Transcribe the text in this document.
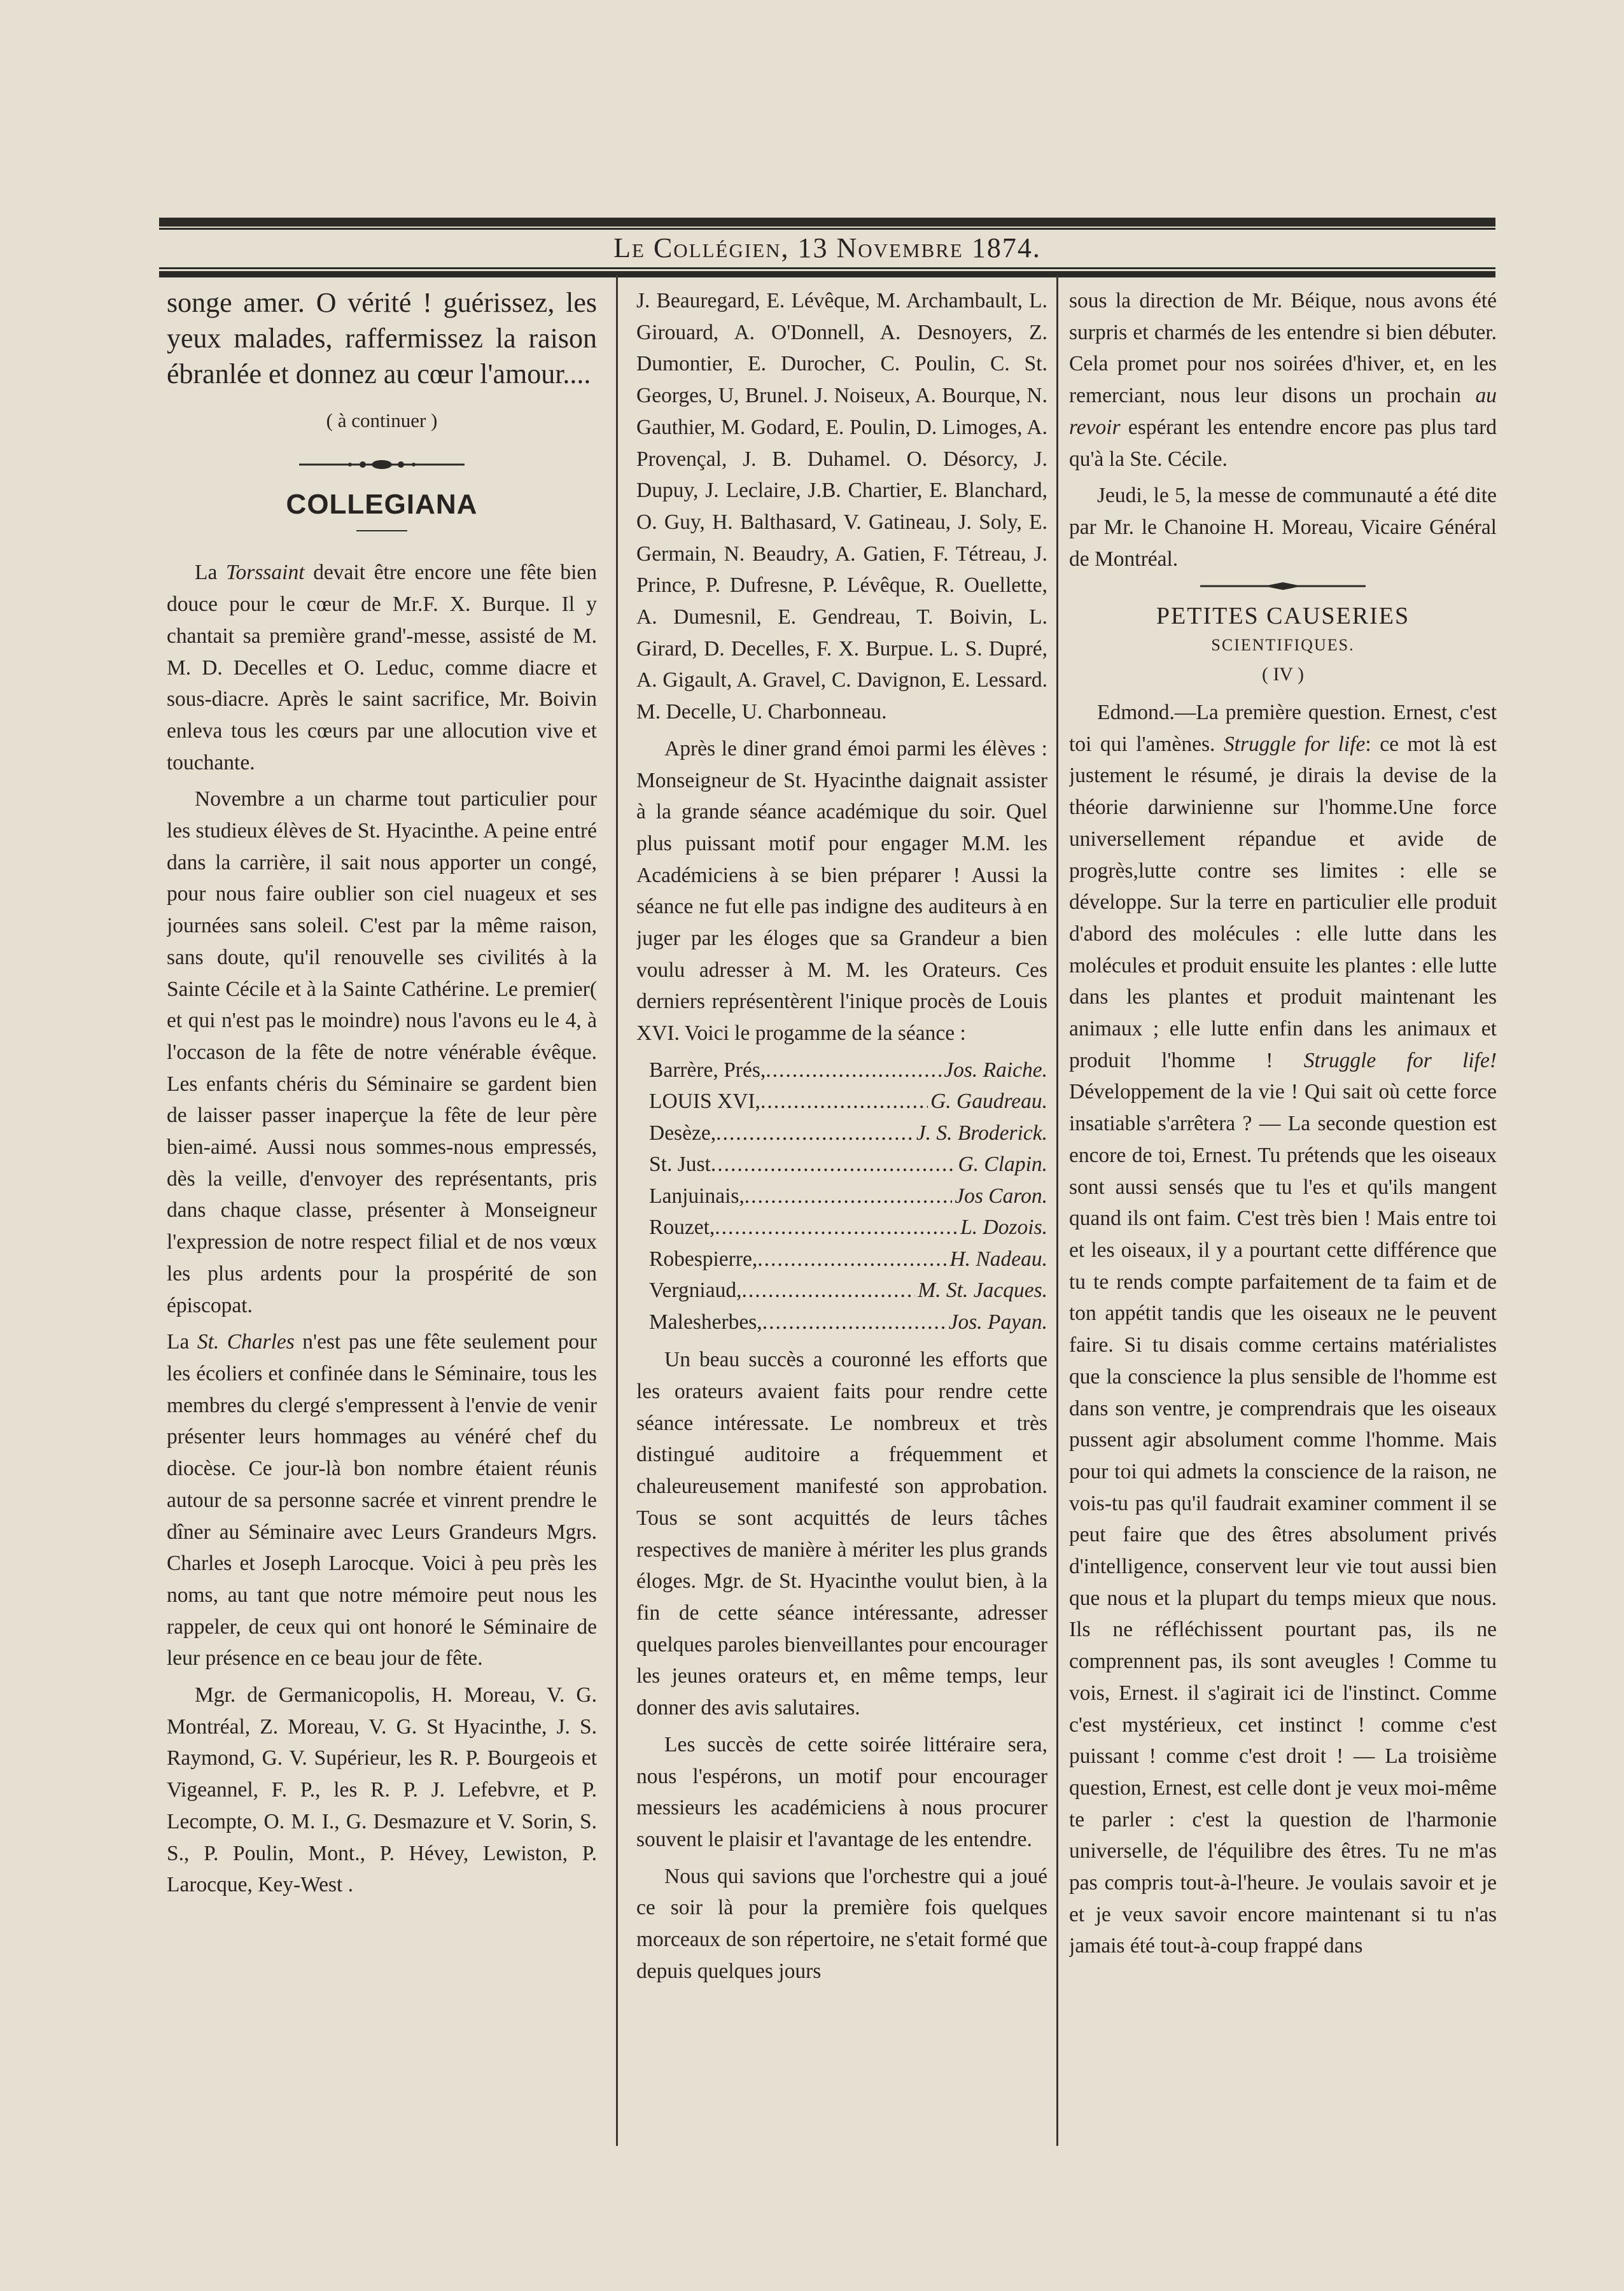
Le Collégien, 13 Novembre 1874.

songe amer. O vérité ! guérissez, les yeux malades, raffermissez la raison ébranlée et donnez au cœur l'amour....

( à continuer )

COLLEGIANA

La Torssaint devait être encore une fête bien douce pour le cœur de Mr.F. X. Burque. Il y chantait sa première grand'-messe, assisté de M. M. D. Decelles et O. Leduc, comme diacre et sous-diacre. Après le saint sacrifice, Mr. Boivin enleva tous les cœurs par une allocution vive et touchante.

Novembre a un charme tout particulier pour les studieux élèves de St. Hyacinthe. A peine entré dans la carrière, il sait nous apporter un congé, pour nous faire oublier son ciel nuageux et ses journées sans soleil. C'est par la même raison, sans doute, qu'il renouvelle ses civilités à la Sainte Cécile et à la Sainte Cathérine. Le premier( et qui n'est pas le moindre) nous l'avons eu le 4, à l'occason de la fête de notre vénérable évêque. Les enfants chéris du Séminaire se gardent bien de laisser passer inaperçue la fête de leur père bien-aimé. Aussi nous sommes-nous empressés, dès la veille, d'envoyer des représentants, pris dans chaque classe, présenter à Monseigneur l'expression de notre respect filial et de nos vœux les plus ardents pour la prospérité de son épiscopat.

La St. Charles n'est pas une fête seulement pour les écoliers et confinée dans le Séminaire, tous les membres du clergé s'empressent à l'envie de venir présenter leurs hommages au vénéré chef du diocèse. Ce jour-là bon nombre étaient réunis autour de sa personne sacrée et vinrent prendre le dîner au Séminaire avec Leurs Grandeurs Mgrs. Charles et Joseph Larocque. Voici à peu près les noms, au tant que notre mémoire peut nous les rappeler, de ceux qui ont honoré le Séminaire de leur présence en ce beau jour de fête.

Mgr. de Germanicopolis, H. Moreau, V. G. Montréal, Z. Moreau, V. G. St Hyacinthe, J. S. Raymond, G. V. Supérieur, les R. P. Bourgeois et Vigeannel, F. P., les R. P. J. Lefebvre, et P. Lecompte, O. M. I., G. Desmazure et V. Sorin, S. S., P. Poulin, Mont., P. Hévey, Lewiston, P. Larocque, Key-West .

J. Beauregard, E. Lévêque, M. Archambault, L. Girouard, A. O'Donnell, A. Desnoyers, Z. Dumontier, E. Durocher, C. Poulin, C. St. Georges, U, Brunel. J. Noiseux, A. Bourque, N. Gauthier, M. Godard, E. Poulin, D. Limoges, A. Provençal, J. B. Duhamel. O. Désorcy, J. Dupuy, J. Leclaire, J.B. Chartier, E. Blanchard, O. Guy, H. Balthasard, V. Gatineau, J. Soly, E. Germain, N. Beaudry, A. Gatien, F. Tétreau, J. Prince, P. Dufresne, P. Lévêque, R. Ouellette, A. Dumesnil, E. Gendreau, T. Boivin, L. Girard, D. Decelles, F. X. Burpue. L. S. Dupré, A. Gigault, A. Gravel, C. Davignon, E. Lessard. M. Decelle, U. Charbonneau.

Après le diner grand émoi parmi les élèves : Monseigneur de St. Hyacinthe daignait assister à la grande séance académique du soir. Quel plus puissant motif pour engager M.M. les Académiciens à se bien préparer ! Aussi la séance ne fut elle pas indigne des auditeurs à en juger par les éloges que sa Grandeur a bien voulu adresser à M. M. les Orateurs. Ces derniers représentèrent l'inique procès de Louis XVI. Voici le progamme de la séance :

Barrère, Prés, .....	Jos. Raiche.
LOUIS XVI, .....	G. Gaudreau.
Desèze, .....	J. S. Broderick.
St. Just .....	G. Clapin.
Lanjuinais, .....	Jos Caron.
Rouzet, .....	L. Dozois.
Robespierre, .....	H. Nadeau.
Vergniaud, .....	M. St. Jacques.
Malesherbes, .....	Jos. Payan.

Un beau succès a couronné les efforts que les orateurs avaient faits pour rendre cette séance intéressate. Le nombreux et très distingué auditoire a fréquemment et chaleureusement manifesté son approbation. Tous se sont acquittés de leurs tâches respectives de manière à mériter les plus grands éloges. Mgr. de St. Hyacinthe voulut bien, à la fin de cette séance intéressante, adresser quelques paroles bienveillantes pour encourager les jeunes orateurs et, en même temps, leur donner des avis salutaires.

Les succès de cette soirée littéraire sera, nous l'espérons, un motif pour encourager messieurs les académiciens à nous procurer souvent le plaisir et l'avantage de les entendre.

Nous qui savions que l'orchestre qui a joué ce soir là pour la première fois quelques morceaux de son répertoire, ne s'etait formé que depuis quelques jours

sous la direction de Mr. Béique, nous avons été surpris et charmés de les entendre si bien débuter. Cela promet pour nos soirées d'hiver, et, en les remerciant, nous leur disons un prochain au revoir espérant les entendre encore pas plus tard qu'à la Ste. Cécile.

Jeudi, le 5, la messe de communauté a été dite par Mr. le Chanoine H. Moreau, Vicaire Général de Montréal.

PETITES CAUSERIES
SCIENTIFIQUES.
( IV )

Edmond.—La première question. Ernest, c'est toi qui l'amènes. Struggle for life: ce mot là est justement le résumé, je dirais la devise de la théorie darwinienne sur l'homme.Une force universellement répandue et avide de progrès,lutte contre ses limites : elle se développe. Sur la terre en particulier elle produit d'abord des molécules : elle lutte dans les molécules et produit ensuite les plantes : elle lutte dans les plantes et produit maintenant les animaux ; elle lutte enfin dans les animaux et produit l'homme ! Struggle for life! Développement de la vie ! Qui sait où cette force insatiable s'arrêtera ? — La seconde question est encore de toi, Ernest. Tu prétends que les oiseaux sont aussi sensés que tu l'es et qu'ils mangent quand ils ont faim. C'est très bien ! Mais entre toi et les oiseaux, il y a pourtant cette différence que tu te rends compte parfaitement de ta faim et de ton appétit tandis que les oiseaux ne le peuvent faire. Si tu disais comme certains matérialistes que la conscience la plus sensible de l'homme est dans son ventre, je comprendrais que les oiseaux pussent agir absolument comme l'homme. Mais pour toi qui admets la conscience de la raison, ne vois-tu pas qu'il faudrait examiner comment il se peut faire que des êtres absolument privés d'intelligence, conservent leur vie tout aussi bien que nous et la plupart du temps mieux que nous. Ils ne réfléchissent pourtant pas, ils ne comprennent pas, ils sont aveugles ! Comme tu vois, Ernest. il s'agirait ici de l'instinct. Comme c'est mystérieux, cet instinct ! comme c'est puissant ! comme c'est droit ! — La troisième question, Ernest, est celle dont je veux moi-même te parler : c'est la question de l'harmonie universelle, de l'équilibre des êtres. Tu ne m'as pas compris tout-à-l'heure. Je voulais savoir et je et je veux savoir encore maintenant si tu n'as jamais été tout-à-coup frappé dans
